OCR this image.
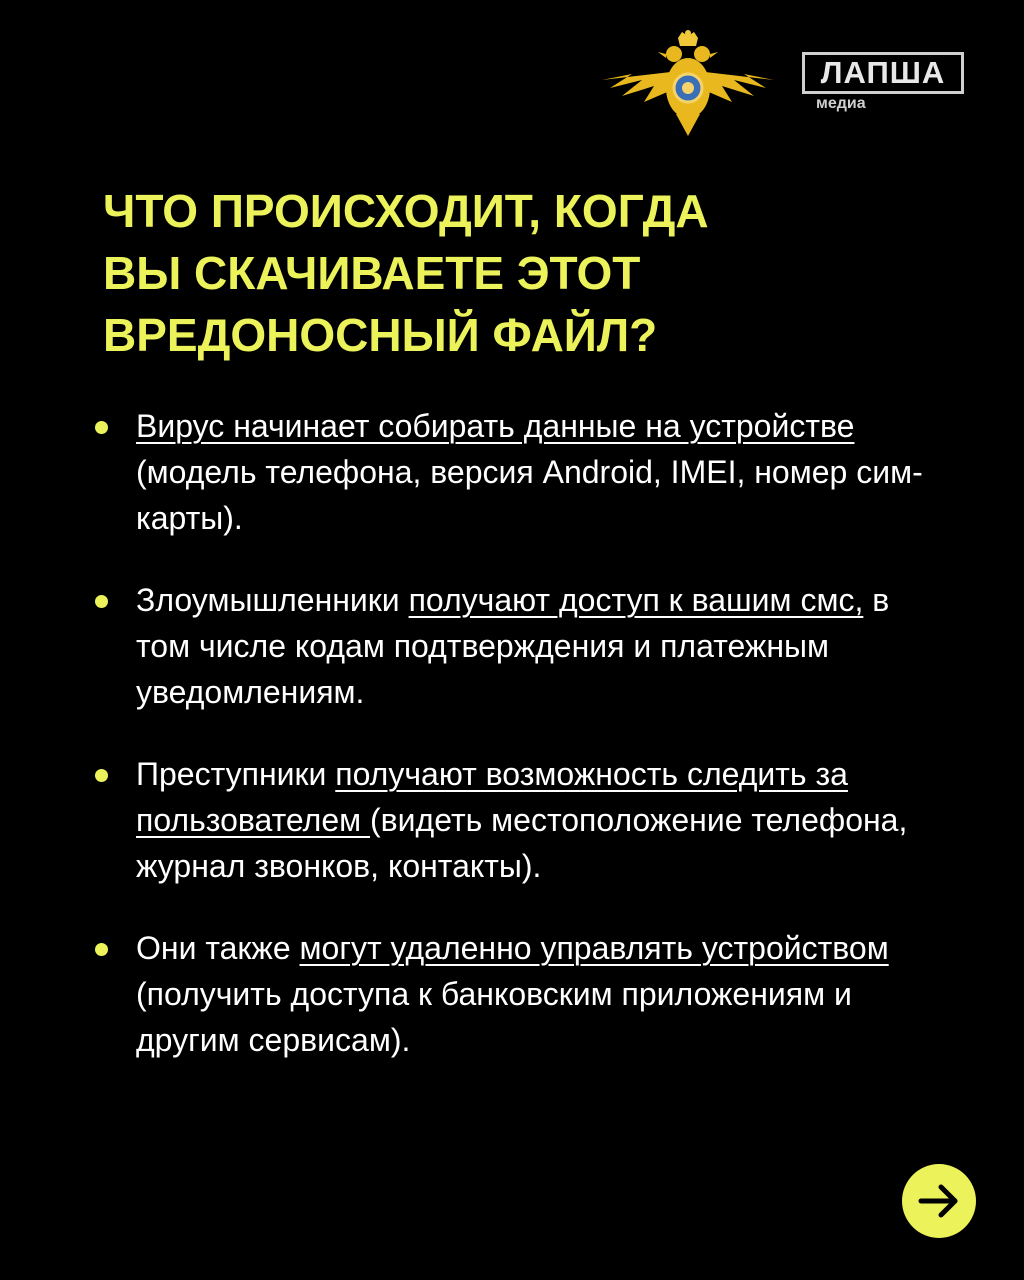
ЛАПША
медиа
ЧТО ПРОИСХОДИТ, КОГДА
ВЫ СКАЧИВАЕТЕ ЭТОТ
ВРЕДОНОСНЫЙ ФАЙЛ?
Вирус начинает собирать данные на устройстве (модель телефона, версия Android, IMEI, номер сим-карты).
Злоумышленники получают доступ к вашим смс, в том числе кодам подтверждения и платежным уведомлениям.
Преступники получают возможность следить за пользователем (видеть местоположение телефона, журнал звонков, контакты).
Они также могут удаленно управлять устройством (получить доступа к банковским приложениям и другим сервисам).
